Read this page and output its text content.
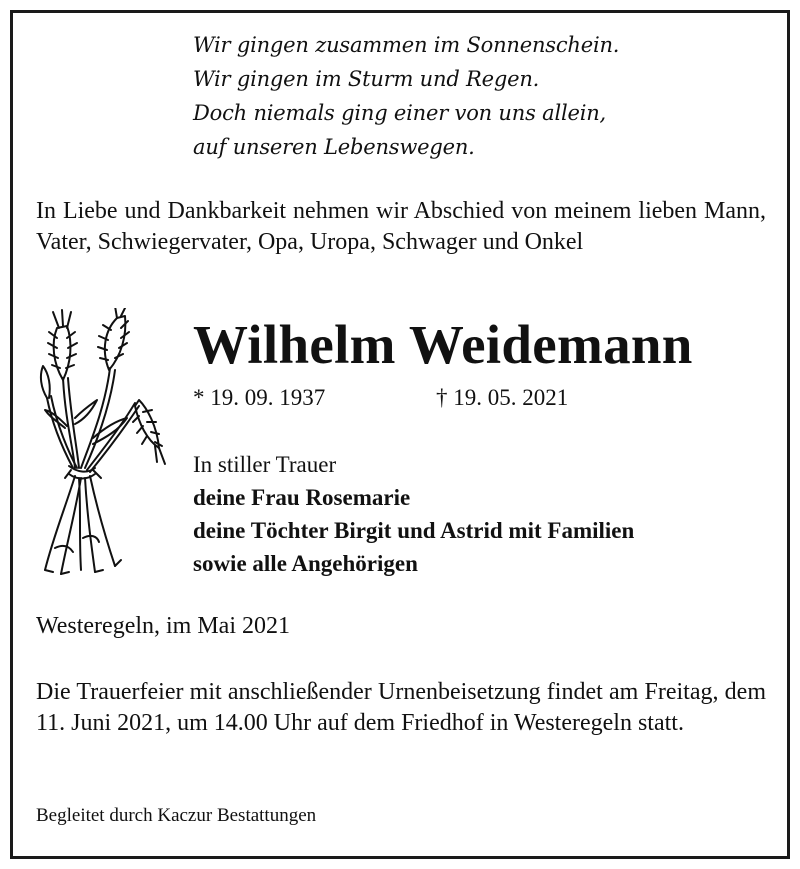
Wir gingen zusammen im Sonnenschein.
Wir gingen im Sturm und Regen.
Doch niemals ging einer von uns allein,
auf unseren Lebenswegen.
In Liebe und Dankbarkeit nehmen wir Abschied von meinem lieben Mann, Vater, Schwiegervater, Opa, Uropa, Schwager und Onkel
Wilhelm Weidemann
* 19. 09. 1937	† 19. 05. 2021
In stiller Trauer
deine Frau Rosemarie
deine Töchter Birgit und Astrid mit Familien
sowie alle Angehörigen
Westeregeln, im Mai 2021
Die Trauerfeier mit anschließender Urnenbeisetzung findet am Freitag, dem 11. Juni 2021, um 14.00 Uhr auf dem Friedhof in Westeregeln statt.
Begleitet durch Kaczur Bestattungen
